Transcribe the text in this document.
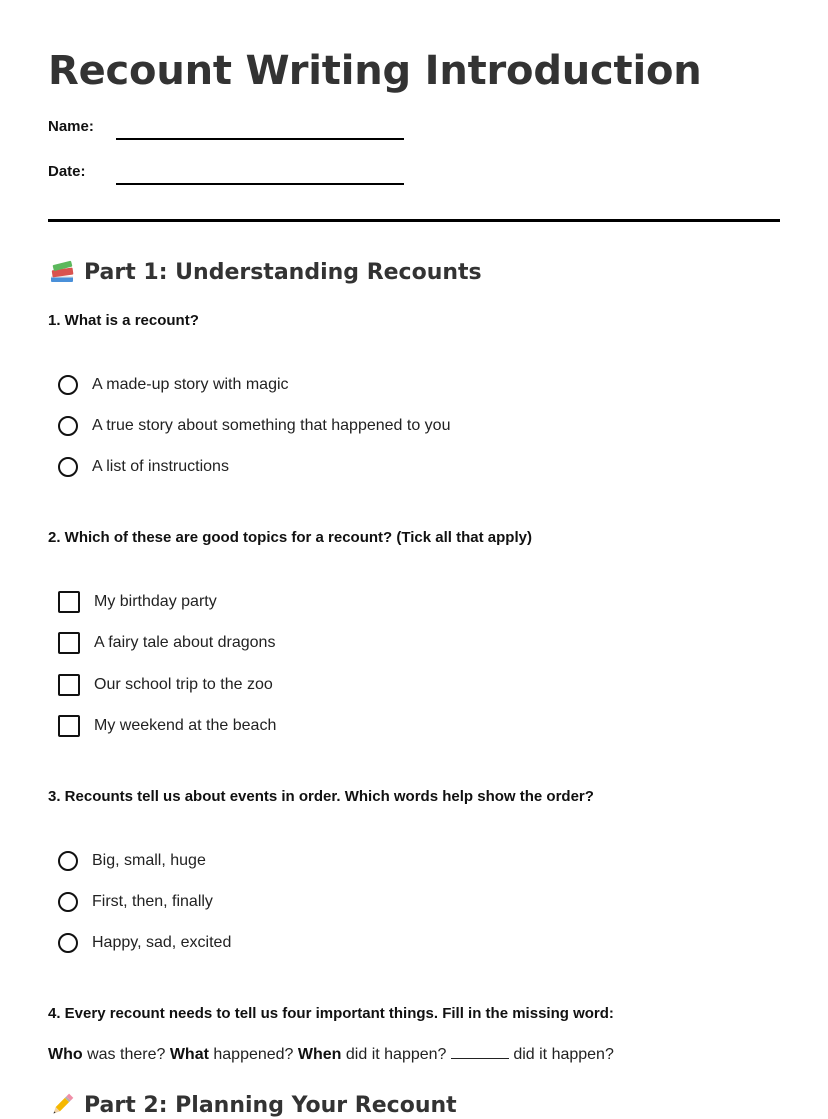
Recount Writing Introduction
Name:
Date:
Part 1: Understanding Recounts
1. What is a recount?
A made-up story with magic
A true story about something that happened to you
A list of instructions
2. Which of these are good topics for a recount? (Tick all that apply)
My birthday party
A fairy tale about dragons
Our school trip to the zoo
My weekend at the beach
3. Recounts tell us about events in order. Which words help show the order?
Big, small, huge
First, then, finally
Happy, sad, excited
4. Every recount needs to tell us four important things. Fill in the missing word:
Who was there? What happened? When did it happen?	did it happen?
Part 2: Planning Your Recount
